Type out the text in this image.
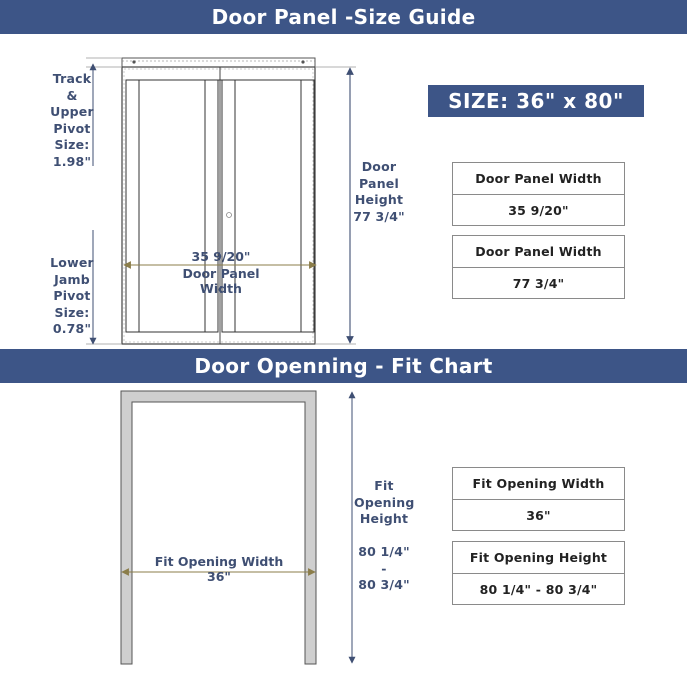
Door Panel -Size Guide
Door Openning - Fit Chart
Track
&
Upper
Pivot
Size:
1.98"
Lower
Jamb
Pivot
Size:
0.78"
Door
Panel
Height
77 3/4"
35 9/20"
Door Panel Width
SIZE: 36" x 80"
Door Panel Width
35 9/20"
Door Panel Width
77 3/4"
Fit Opening Width 36"
Fit
Opening
Height

80 1/4"
-
80 3/4"
Fit Opening Width
36"
Fit Opening Height
80 1/4" - 80 3/4"
